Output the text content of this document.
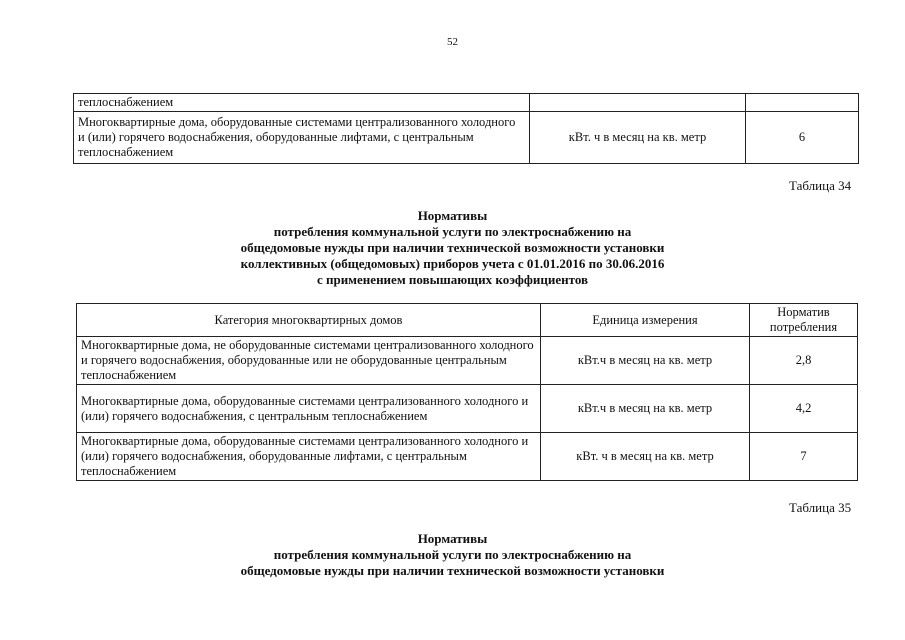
52
теплоснабжением		
Многоквартирные дома, оборудованные системами централизованного холодного и (или) горячего водоснабжения, оборудованные лифтами, с центральным теплоснабжением	кВт. ч в месяц на кв. метр	6
Таблица 34
Нормативы
потребления коммунальной услуги по электроснабжению на
общедомовые нужды при наличии технической возможности установки
коллективных (общедомовых) приборов учета с 01.01.2016 по 30.06.2016
с применением повышающих коэффициентов
Категория многоквартирных домов	Единица измерения	Норматив потребления
Многоквартирные дома, не оборудованные системами централизованного холодного и горячего водоснабжения, оборудованные или не оборудованные центральным теплоснабжением	кВт.ч в месяц на кв. метр	2,8
Многоквартирные дома, оборудованные системами централизованного холодного и (или) горячего водоснабжения, с центральным теплоснабжением	кВт.ч в месяц на кв. метр	4,2
Многоквартирные дома, оборудованные системами централизованного холодного и (или) горячего водоснабжения, оборудованные лифтами, с центральным теплоснабжением	кВт. ч в месяц на кв. метр	7
Таблица 35
Нормативы
потребления коммунальной услуги по электроснабжению на
общедомовые нужды при наличии технической возможности установки
